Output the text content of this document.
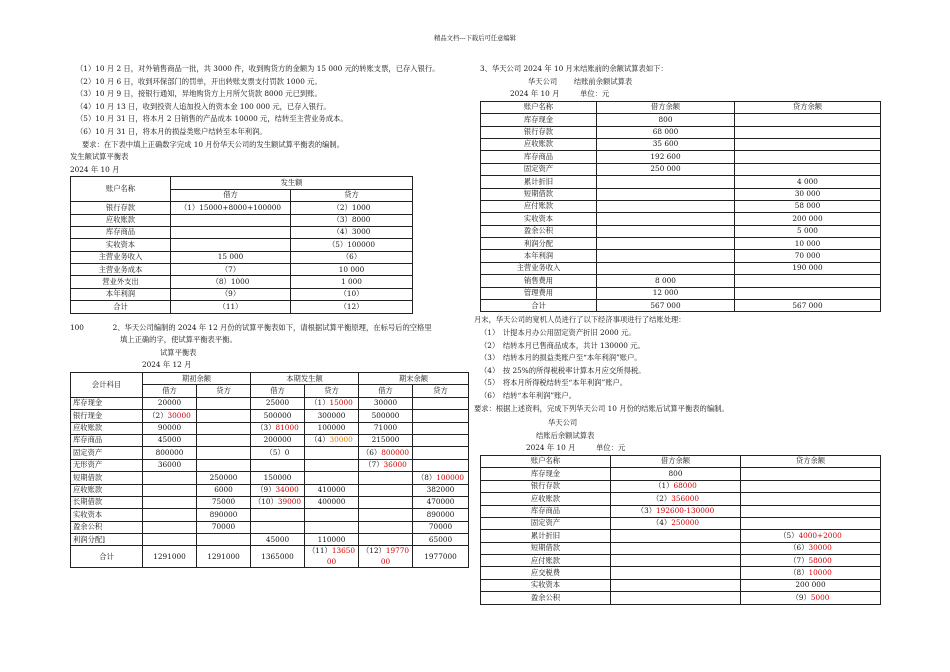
精品文档---下载后可任意编辑
（1）10 月 2 日，对外销售商品一批，共 3000 件，收到购货方的金额为 15 000 元的转账支票，已存入银行。
（2）10 月 6 日，收到环保部门的罚单，开出转账支票支付罚款 1000 元。
（3）10 月 9 日，接银行通知，异地购货方上月所欠货款 8000 元已到账。
（4）10 月 13 日，收到投资人追加投入的资本金 100 000 元，已存入银行。
（5）10 月 31 日，将本月 2 日销售的产品成本 10000 元，结转至主营业务成本。
（6）10 月 31 日，将本月的损益类账户结转至本年利润。
要求：在下表中填上正确数字完成 10 月份华天公司的发生额试算平衡表的编制。
发生额试算平衡表
2024 年 10 月
账户名称	发生额	
	借方	贷方
银行存款	（1）15000+8000+100000	（2）1000
应收账款		（3）8000
库存商品		（4）3000
实收资本		（5）100000
主营业务收入	15 000	（6）
主营业务成本	（7）	10 000
营业外支出	（8）1000	1 000
本年利润	（9）	（10）
合计	（11）	（12）
100	2、华天公司编制的 2024 年 12 月份的试算平衡表如下，请根据试算平衡原理，在标号后的空格里
填上正确的字，使试算平衡表平衡。
试算平衡表
2024 年 12 月
会计科目	期初余额		本期发生额		期末余额	
	借方	贷方	借方	贷方	借方	贷方
库存现金	20000		25000	（1）15000	30000	
银行现金	（2）30000		500000	300000	500000	
应收账款	90000		（3）81000	100000	71000	
库存商品	45000		200000	（4）30000	215000	
固定资产	800000		（5）0		（6）800000	
无形资产	36000				（7）36000	
短期借款		250000	150000			（8）100000
应收账款		6000	（9）34000	410000		382000
长期借款		75000	（10）39000	400000		470000
实收资本		890000				890000
盈余公积		70000				70000
利润分配]			45000	110000		65000
合计	1291000	1291000	1365000	（11）1365000	（12）1977000	1977000
3、华天公司 2024 年 10 月末结账前的余额试算表如下：
华天公司 结账前余额试算表
2024 年 10 月	单位：元
账户名称	借方余额	贷方余额
库存现金	800	
银行存款	68 000	
应收账款	35 600	
库存商品	192 600	
固定资产	250 000	
累计折旧		4 000
短期借款		30 000
应付账款		58 000
实收资本		200 000
盈余公积		5 000
利润分配		10 000
本年利润		70 000
主营业务收入		190 000
销售费用	8 000	
管理费用	12 000	
合计	567 000	567 000
月末，华天公司的宽机人员进行了以下经济事项进行了结账处理：
（1）　计提本月办公用固定资产折旧 2000 元。
（2）　结转本月已售商品成本，共计 130000 元。
（3）　结转本月的损益类账户至“本年利润”账户。
（4）　按 25%的所得税税率计算本月应交所得税。
（5）　将本月所得税结转至“本年利润”账户。
（6）　结转“本年利润”账户。
要求：根据上述资料，完成下列华天公司 10 月份的结账后试算平衡表的编制。
华天公司
结账后余额试算表
2024 年 10 月	单位：元
账户名称	借方余额	贷方余额
库存现金	800	
银行存款	（1）68000	
应收账款	（2）356000	
库存商品	（3）192600-130000	
固定资产	（4）250000	
累计折旧		（5）4000+2000
短期借款		（6）30000
应付账款		（7）58000
应交税费		（8）10000
实收资本		200 000
盈余公积		（9）5000
